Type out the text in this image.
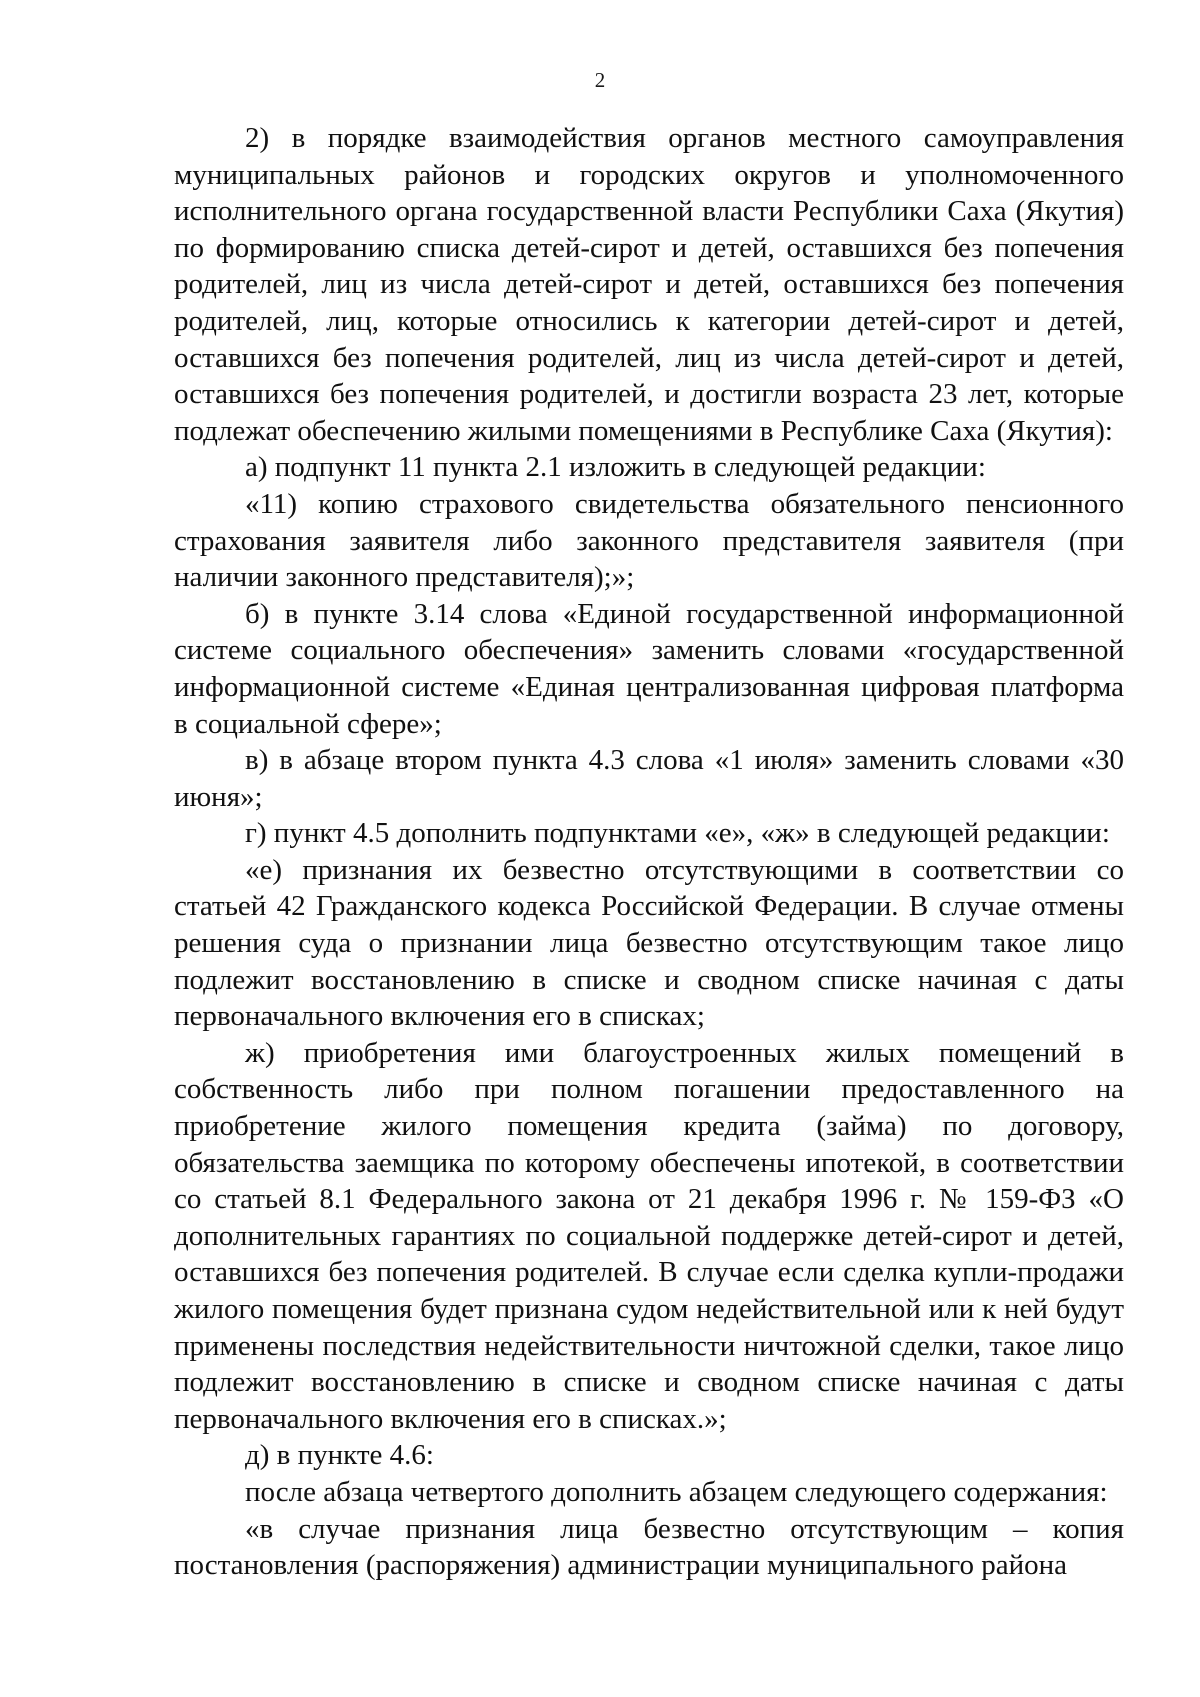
2

2) в порядке взаимодействия органов местного самоуправления муниципальных районов и городских округов и уполномоченного исполнительного органа государственной власти Республики Саха (Якутия) по формированию списка детей-сирот и детей, оставшихся без попечения родителей, лиц из числа детей-сирот и детей, оставшихся без попечения родителей, лиц, которые относились к категории детей-сирот и детей, оставшихся без попечения родителей, лиц из числа детей-сирот и детей, оставшихся без попечения родителей, и достигли возраста 23 лет, которые подлежат обеспечению жилыми помещениями в Республике Саха (Якутия):

а) подпункт 11 пункта 2.1 изложить в следующей редакции:

«11) копию страхового свидетельства обязательного пенсионного страхования заявителя либо законного представителя заявителя (при наличии законного представителя);»;

б) в пункте 3.14 слова «Единой государственной информационной системе социального обеспечения» заменить словами «государственной информационной системе «Единая централизованная цифровая платформа в социальной сфере»;

в) в абзаце втором пункта 4.3 слова «1 июля» заменить словами «30 июня»;

г) пункт 4.5 дополнить подпунктами «е», «ж» в следующей редакции:

«е) признания их безвестно отсутствующими в соответствии со статьей 42 Гражданского кодекса Российской Федерации. В случае отмены решения суда о признании лица безвестно отсутствующим такое лицо подлежит восстановлению в списке и сводном списке начиная с даты первоначального включения его в списках;

ж) приобретения ими благоустроенных жилых помещений в собственность либо при полном погашении предоставленного на приобретение жилого помещения кредита (займа) по договору, обязательства заемщика по которому обеспечены ипотекой, в соответствии со статьей 8.1 Федерального закона от 21 декабря 1996 г. № 159-ФЗ «О дополнительных гарантиях по социальной поддержке детей-сирот и детей, оставшихся без попечения родителей. В случае если сделка купли-продажи жилого помещения будет признана судом недействительной или к ней будут применены последствия недействительности ничтожной сделки, такое лицо подлежит восстановлению в списке и сводном списке начиная с даты первоначального включения его в списках.»;

д) в пункте 4.6:

после абзаца четвертого дополнить абзацем следующего содержания:

«в случае признания лица безвестно отсутствующим – копия постановления (распоряжения) администрации муниципального района
